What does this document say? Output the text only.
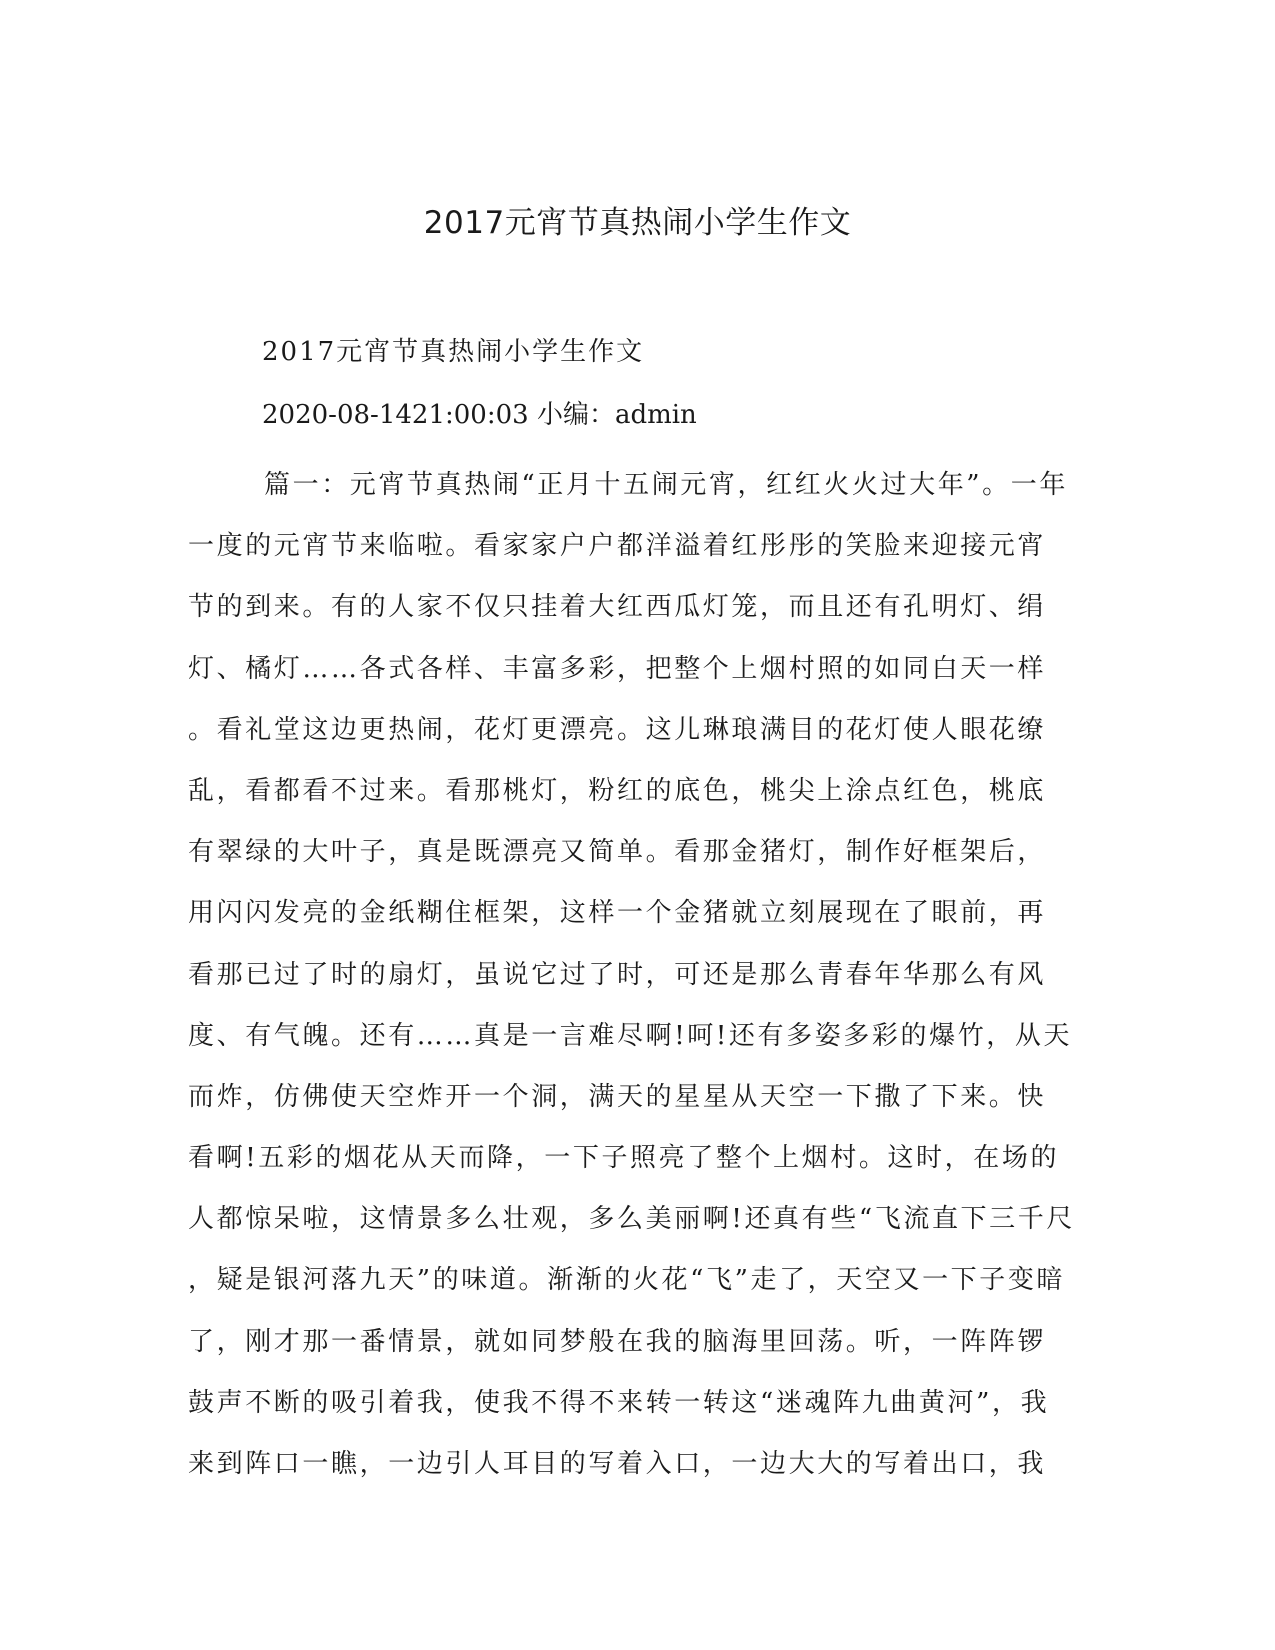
2017元宵节真热闹小学生作文

2017元宵节真热闹小学生作文

2020-08-1421:00:03 小编：admin

篇一：元宵节真热闹“正月十五闹元宵，红红火火过大年”。一年
一度的元宵节来临啦。看家家户户都洋溢着红彤彤的笑脸来迎接元宵
节的到来。有的人家不仅只挂着大红西瓜灯笼，而且还有孔明灯、绢
灯、橘灯……各式各样、丰富多彩，把整个上烟村照的如同白天一样
。看礼堂这边更热闹，花灯更漂亮。这儿琳琅满目的花灯使人眼花缭
乱，看都看不过来。看那桃灯，粉红的底色，桃尖上涂点红色，桃底
有翠绿的大叶子，真是既漂亮又简单。看那金猪灯，制作好框架后，
用闪闪发亮的金纸糊住框架，这样一个金猪就立刻展现在了眼前，再
看那已过了时的扇灯，虽说它过了时，可还是那么青春年华那么有风
度、有气魄。还有……真是一言难尽啊!呵!还有多姿多彩的爆竹，从天
而炸，仿佛使天空炸开一个洞，满天的星星从天空一下撒了下来。快
看啊!五彩的烟花从天而降，一下子照亮了整个上烟村。这时，在场的
人都惊呆啦，这情景多么壮观，多么美丽啊!还真有些“飞流直下三千尺
，疑是银河落九天”的味道。渐渐的火花“飞”走了，天空又一下子变暗
了，刚才那一番情景，就如同梦般在我的脑海里回荡。听，一阵阵锣
鼓声不断的吸引着我，使我不得不来转一转这“迷魂阵九曲黄河”，我
来到阵口一瞧，一边引人耳目的写着入口，一边大大的写着出口，我
